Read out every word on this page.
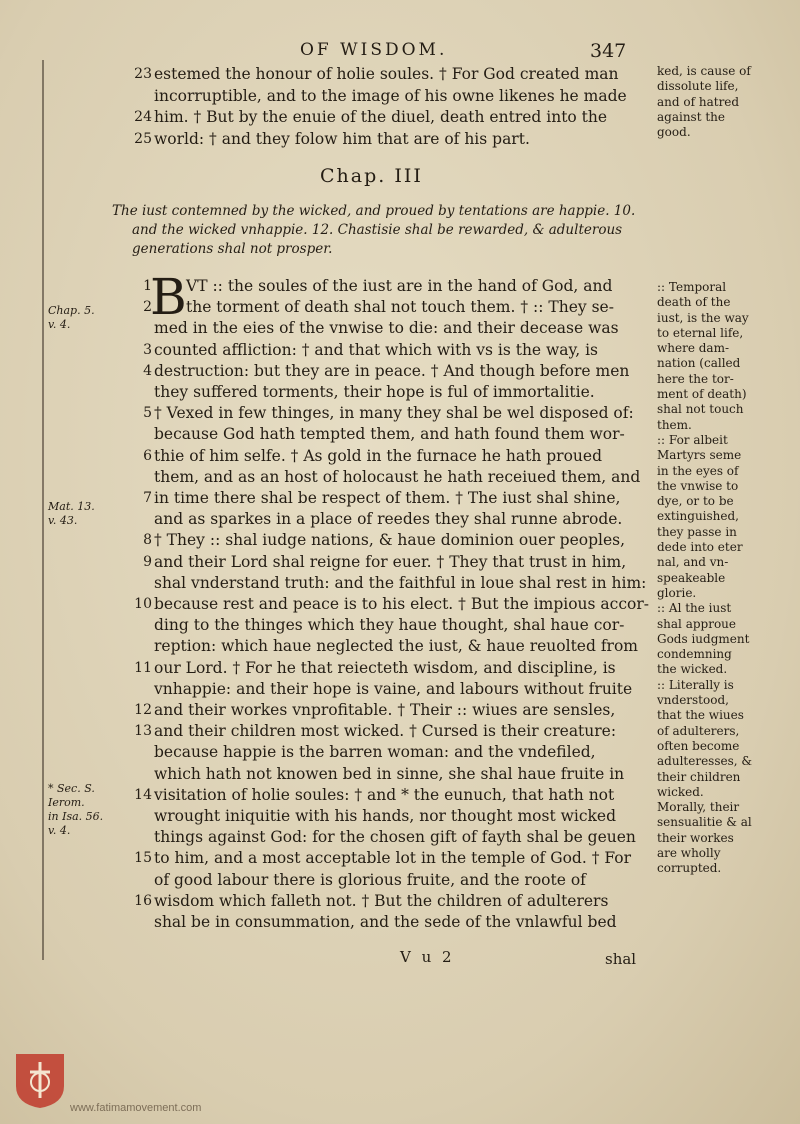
OF WISDOM.	347
23 estemed the honour of holie soules. † For God created man
incorruptible, and to the image of his owne likenes he made
24 him. † But by the enuie of the diuel, death entred into the
25 world: † and they folow him that are of his part.
ked, is cause of
dissolute life,
and of hatred
against the
good.
Chap. III
The iust contemned by the wicked, and proued by tentations are happie. 10.
and the wicked vnhappie. 12. Chastisie shal be rewarded, & adulterous
generations shal not prosper.
B
1 VT :: the soules of the iust are in the hand of God, and
2 the torment of death shal not touch them. † :: They se-
med in the eies of the vnwise to die: and their decease was
3 counted affliction: † and that which with vs is the way, is
4 destruction: but they are in peace. † And though before men
they suffered torments, their hope is ful of immortalitie.
5 † Vexed in few thinges, in many they shal be wel disposed of:
because God hath tempted them, and hath found them wor-
6 thie of him selfe. † As gold in the furnace he hath proued
them, and as an host of holocaust he hath receiued them, and
7 in time there shal be respect of them. † The iust shal shine,
and as sparkes in a place of reedes they shal runne abrode.
8 † They :: shal iudge nations, & haue dominion ouer peoples,
9 and their Lord shal reigne for euer. † They that trust in him,
shal vnderstand truth: and the faithful in loue shal rest in him:
10 because rest and peace is to his elect. † But the impious accor-
ding to the thinges which they haue thought, shal haue cor-
reption: which haue neglected the iust, & haue reuolted from
11 our Lord. † For he that reiecteth wisdom, and discipline, is
vnhappie: and their hope is vaine, and labours without fruite
12 and their workes vnprofitable. † Their :: wiues are sensles,
13 and their children most wicked. † Cursed is their creature:
because happie is the barren woman: and the vndefiled,
which hath not knowen bed in sinne, she shal haue fruite in
14 visitation of holie soules: † and * the eunuch, that hath not
wrought iniquitie with his hands, nor thought most wicked
things against God: for the chosen gift of fayth shal be geuen
15 to him, and a most acceptable lot in the temple of God. † For
of good labour there is glorious fruite, and the roote of
16 wisdom which falleth not. † But the children of adulterers
shal be in consummation, and the sede of the vnlawful bed
Chap. 5.
v. 4.
Mat. 13.
v. 43.
* Sec. S.
Ierom.
in Isa. 56.
v. 4.
:: Temporal
death of the
iust, is the way
to eternal life,
where dam-
nation (called
here the tor-
ment of death)
shal not touch
them.
:: For albeit
Martyrs seme
in the eyes of
the vnwise to
dye, or to be
extinguished,
they passe in
dede into eter
nal, and vn-
speakeable
glorie.
:: Al the iust
shal approue
Gods iudgment
condemning
the wicked.
:: Literally is
vnderstood,
that the wiues
of adulterers,
often become
adulteresses, &
their children
wicked.
Morally, their
sensualitie & al
their workes
are wholly
corrupted.
V u 2	shal
www.fatimamovement.com
